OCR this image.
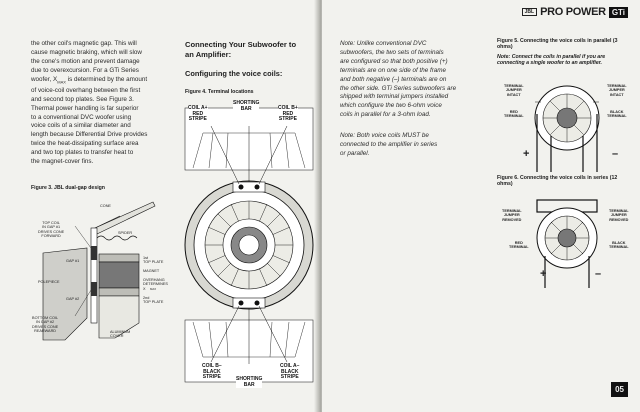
the other coil's magnetic gap. This will
cause magnetic braking, which will slow
the cone's motion and prevent damage
due to overexcursion. For a GTi Series
woofer, $X_{MAX}$ is determined by the amount
of voice-coil overhang between the first
and second top plates. See Figure 3.
Thermal power handling is far superior
to a conventional DVC woofer using
voice coils of a similar diameter and
length because Differential Drive provides
twice the heat-dissipating surface area
and two top plates to transfer heat to
the magnet-cover fins.
Figure 3. JBL dual-gap design
CONE
SPIDER
TOP COIL
IN GAP #1
DRIVES CONE
FORWARD
GAP #1
POLEPIECE
GAP #2
BOTTOM COIL
IN GAP #2
DRIVES CONE
REARWARD
1st
TOP PLATE
MAGNET
OVERHANG
DETERMINES
X	MAX
2nd
TOP PLATE
ALUMINUM
COVER
Connecting Your Subwoofer to an Amplifier:
Configuring the voice coils:
Figure 4. Terminal locations
COIL A+
RED
STRIPE
SHORTING
BAR	COIL B+
RED
STRIPE
COIL B–
BLACK
STRIPE	SHORTING
BAR
COIL A–
BLACK
STRIPE
JBL PRO POWER GTi
Note: Unlike conventional DVC
subwoofers, the two sets of terminals
are configured so that both positive (+)
terminals are on one side of the frame
and both negative (–) terminals are on
the other side. GTi Series subwoofers are
shipped with terminal jumpers installed
which configure the two 6-ohm voice
coils in parallel for a 3-ohm load.
Note: Both voice coils MUST be
connected to the amplifier in series
or parallel.
Figure 5. Connecting the voice coils in parallel (3 ohms)
Note: Connect the coils in parallel if you are connecting a single woofer to an amplifier.
TERMINAL
JUMPER
INTACT
TERMINAL
JUMPER
INTACT
RED
TERMINAL
BLACK
TERMINAL
+	–
Figure 6. Connecting the voice coils in series (12 ohms)
TERMINAL
JUMPER
REMOVED
TERMINAL
JUMPER
REMOVED
RED
TERMINAL
BLACK
TERMINAL
+	–
05
